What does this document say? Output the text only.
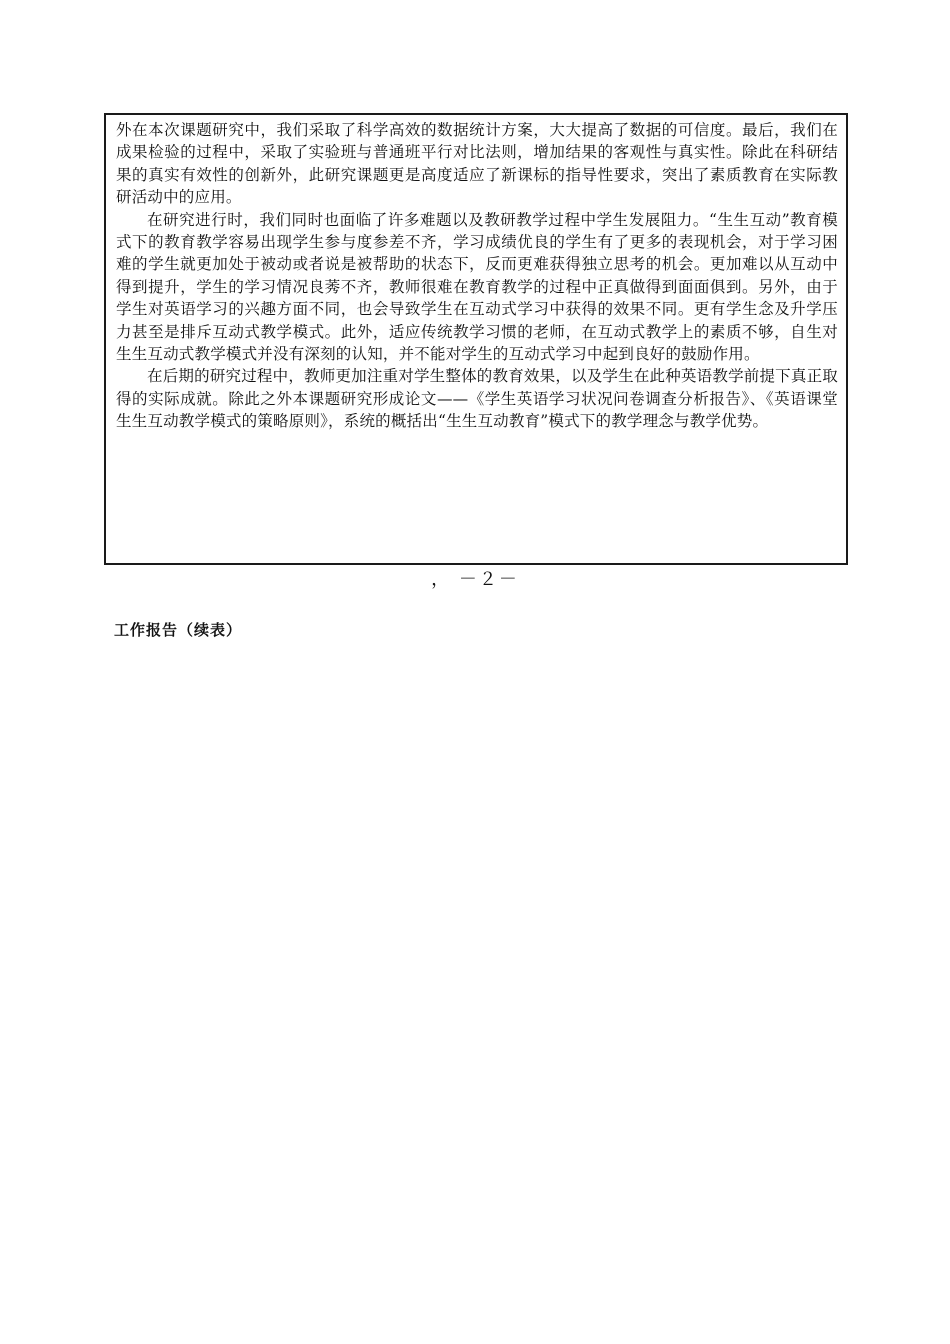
外在本次课题研究中，我们采取了科学高效的数据统计方案，大大提高了数据的可信度。最后，我们在成果检验的过程中，采取了实验班与普通班平行对比法则，增加结果的客观性与真实性。除此在科研结果的真实有效性的创新外，此研究课题更是高度适应了新课标的指导性要求，突出了素质教育在实际教研活动中的应用。

在研究进行时，我们同时也面临了许多难题以及教研教学过程中学生发展阻力。“生生互动”教育模式下的教育教学容易出现学生参与度参差不齐，学习成绩优良的学生有了更多的表现机会，对于学习困难的学生就更加处于被动或者说是被帮助的状态下，反而更难获得独立思考的机会。更加难以从互动中得到提升，学生的学习情况良莠不齐，教师很难在教育教学的过程中正真做得到面面俱到。另外，由于学生对英语学习的兴趣方面不同，也会导致学生在互动式学习中获得的效果不同。更有学生念及升学压力甚至是排斥互动式教学模式。此外，适应传统教学习惯的老师，在互动式教学上的素质不够，自生对生生互动式教学模式并没有深刻的认知，并不能对学生的互动式学习中起到良好的鼓励作用。

在后期的研究过程中，教师更加注重对学生整体的教育效果，以及学生在此种英语教学前提下真正取得的实际成就。除此之外本课题研究形成论文——《学生英语学习状况问卷调查分析报告》、《英语课堂生生互动教学模式的策略原则》，系统的概括出“生生互动教育”模式下的教学理念与教学优势。

， －２－
工作报告（续表）
